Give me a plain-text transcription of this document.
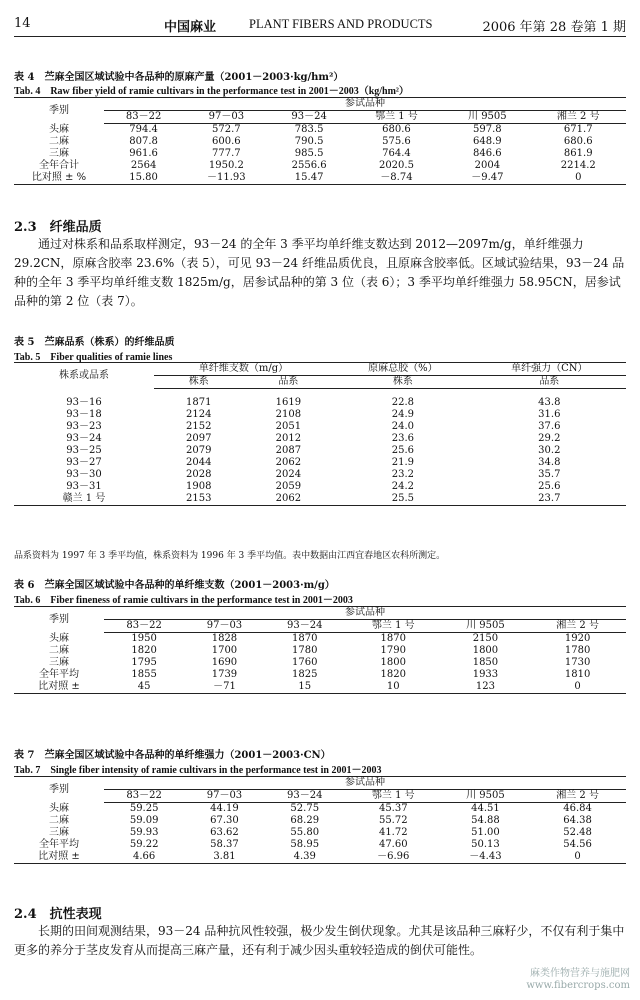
14	中国麻业	PLANT FIBERS AND PRODUCTS	2006 年第 28 卷第 1 期
表 4　苎麻全国区域试验中各品种的原麻产量（2001－2003·kg/hm²）
Tab. 4　Raw fiber yield of ramie cultivars in the performance test in 2001－2003（kg/hm²）
季别	参试品种					
	83－22	97－03	93－24	鄂兰 1 号	川 9505	湘兰 2 号
头麻	794.4	572.7	783.5	680.6	597.8	671.7
二麻	807.8	600.6	790.5	575.6	648.9	680.6
三麻	961.6	777.7	985.5	764.4	846.6	861.9
全年合计	2564	1950.2	2556.6	2020.5	2004	2214.2
比对照 ± %	15.80	－11.93	15.47	－8.74	－9.47	0
2.3　纤维品质
通过对株系和品系取样测定，93－24 的全年 3 季平均单纤维支数达到 2012—2097m/g，单纤维强力 29.2CN，原麻含胶率 23.6%（表 5），可见 93－24 纤维品质优良，且原麻含胶率低。区域试验结果，93－24 品种的全年 3 季平均单纤维支数 1825m/g，居参试品种的第 3 位（表 6）；3 季平均单纤维强力 58.95CN，居参试品种的第 2 位（表 7）。
表 5　苎麻品系（株系）的纤维品质
Tab. 5　Fiber qualities of ramie lines
株系或品系	单纤维支数（m/g）		原麻总胶（%）	单纤强力（CN）
	株系	品系	株系	品系

93－16	1871	1619	22.8	43.8
93－18	2124	2108	24.9	31.6
93－23	2152	2051	24.0	37.6
93－24	2097	2012	23.6	29.2
93－25	2079	2087	25.6	30.2
93－27	2044	2062	21.9	34.8
93－30	2028	2024	23.2	35.7
93－31	1908	2059	24.2	25.6
赣兰 1 号	2153	2062	25.5	23.7
品系资料为 1997 年 3 季平均值，株系资料为 1996 年 3 季平均值。表中数据由江西宜春地区农科所测定。
表 6　苎麻全国区域试验中各品种的单纤维支数（2001－2003·m/g）
Tab. 6　Fiber fineness of ramie cultivars in the performance test in 2001－2003
季别	参试品种					
	83－22	97－03	93－24	鄂兰 1 号	川 9505	湘兰 2 号
头麻	1950	1828	1870	1870	2150	1920
二麻	1820	1700	1780	1790	1800	1780
三麻	1795	1690	1760	1800	1850	1730
全年平均	1855	1739	1825	1820	1933	1810
比对照 ±	45	－71	15	10	123	0
表 7　苎麻全国区域试验中各品种的单纤维强力（2001－2003·CN）
Tab. 7　Single fiber intensity of ramie cultivars in the performance test in 2001－2003
季别	参试品种					
	83－22	97－03	93－24	鄂兰 1 号	川 9505	湘兰 2 号
头麻	59.25	44.19	52.75	45.37	44.51	46.84
二麻	59.09	67.30	68.29	55.72	54.88	64.38
三麻	59.93	63.62	55.80	41.72	51.00	52.48
全年平均	59.22	58.37	58.95	47.60	50.13	54.56
比对照 ±	4.66	3.81	4.39	－6.96	－4.43	0
2.4　抗性表现
长期的田间观测结果，93－24 品种抗风性较强，极少发生倒伏现象。尤其是该品种三麻籽少，不仅有利于集中更多的养分于茎皮发育从而提高三麻产量，还有利于减少因头重较轻造成的倒伏可能性。
麻类作物营养与施肥网
www.fibercrops.com
